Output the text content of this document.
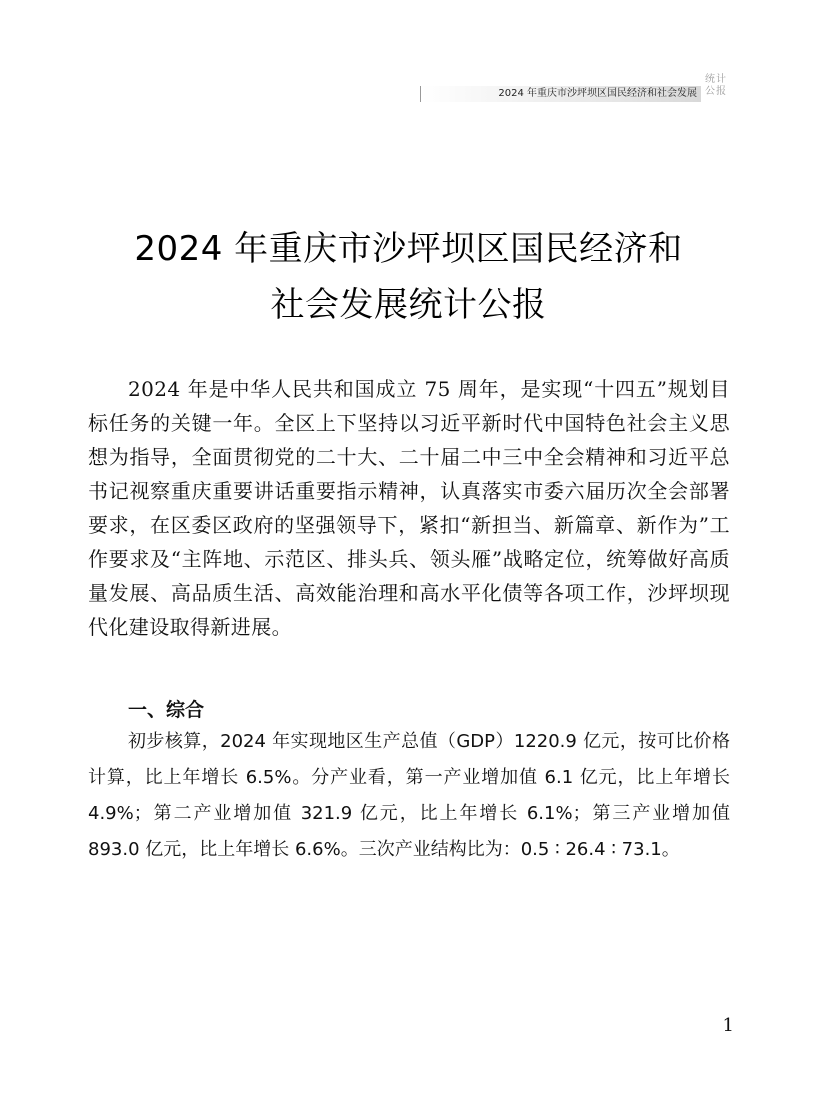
2024 年重庆市沙坪坝区国民经济和社会发展
统计
公报
2024 年重庆市沙坪坝区国民经济和
社会发展统计公报

2024 年是中华人民共和国成立 75 周年，是实现“十四五”规划目标任务的关键一年。全区上下坚持以习近平新时代中国特色社会主义思想为指导，全面贯彻党的二十大、二十届二中三中全会精神和习近平总书记视察重庆重要讲话重要指示精神，认真落实市委六届历次全会部署要求，在区委区政府的坚强领导下，紧扣“新担当、新篇章、新作为”工作要求及“主阵地、示范区、排头兵、领头雁”战略定位，统筹做好高质量发展、高品质生活、高效能治理和高水平化债等各项工作，沙坪坝现代化建设取得新进展。

一、综合

初步核算，2024 年实现地区生产总值（GDP）1220.9 亿元，按可比价格计算，比上年增长 6.5%。分产业看，第一产业增加值 6.1 亿元，比上年增长 4.9%；第二产业增加值 321.9 亿元，比上年增长 6.1%；第三产业增加值 893.0 亿元，比上年增长 6.6%。三次产业结构比为：0.5 ∶ 26.4 ∶ 73.1。

1
